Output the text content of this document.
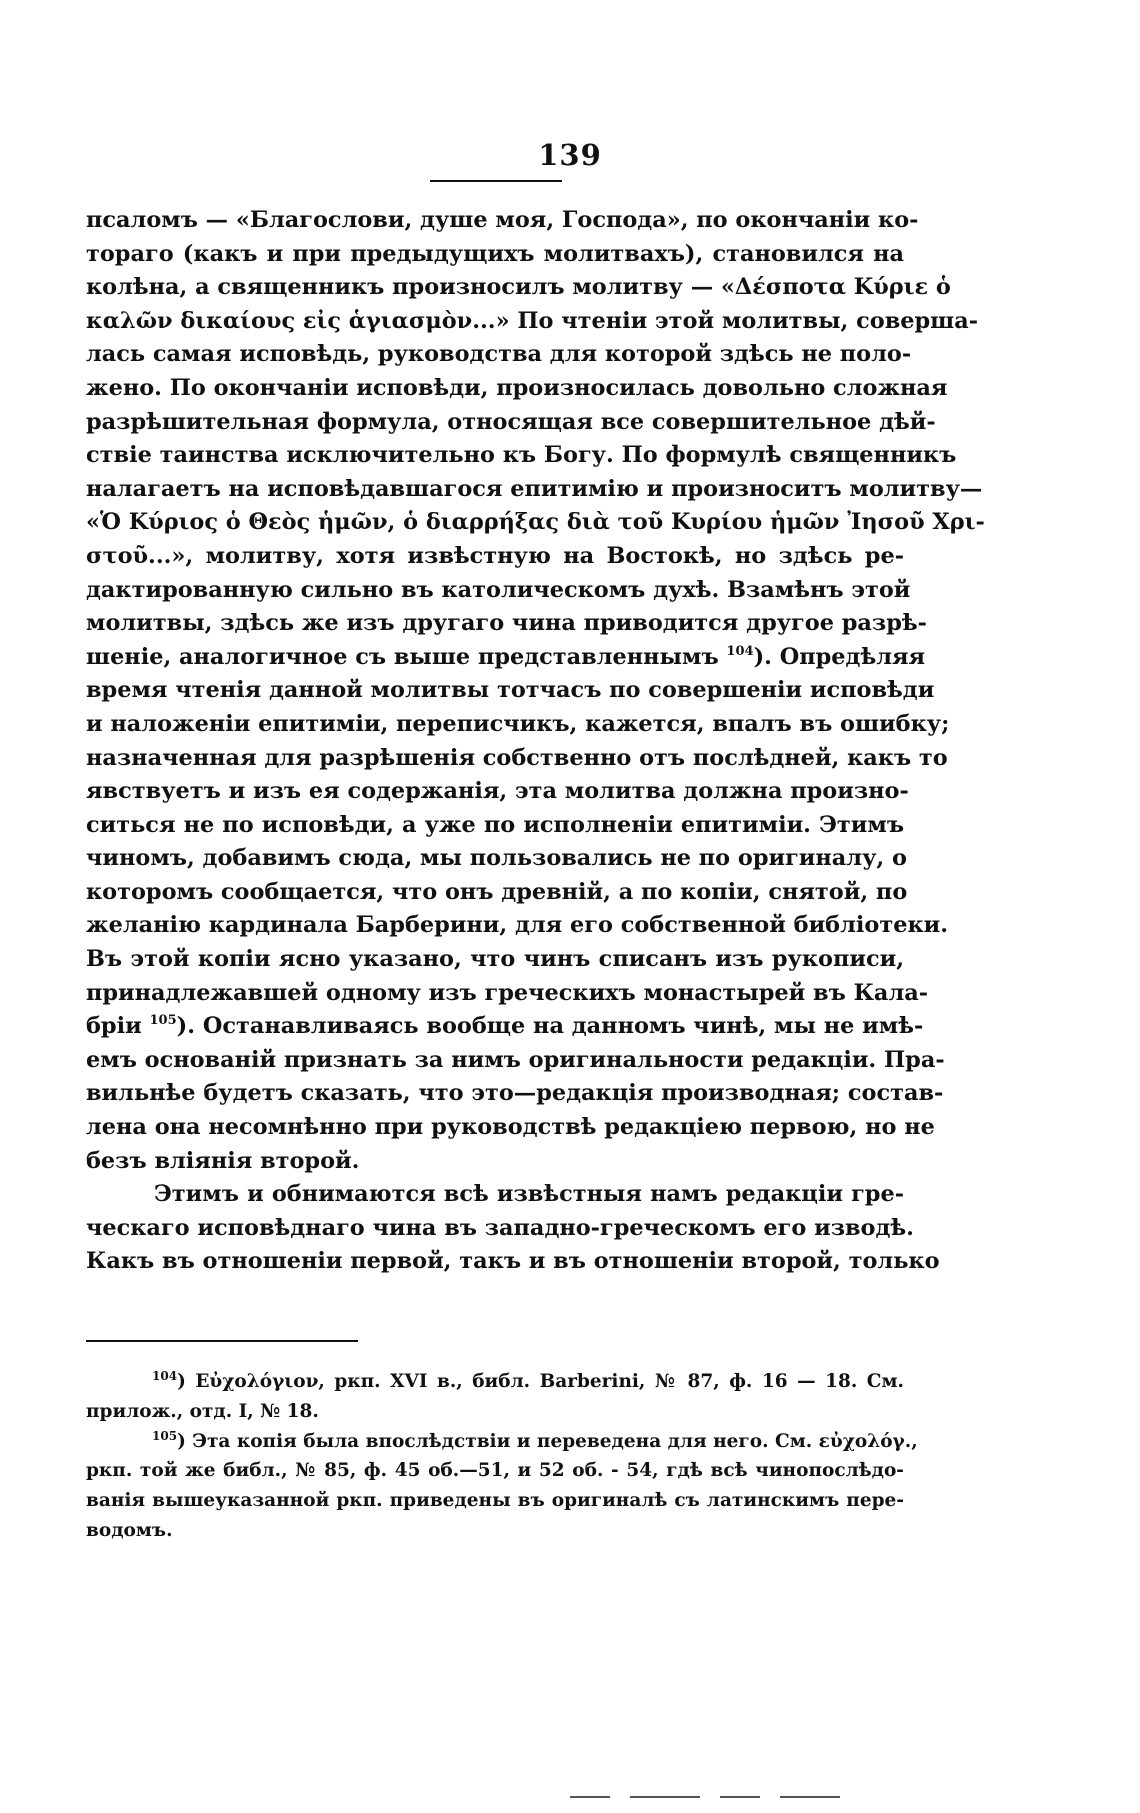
139
псаломъ — «Благослови, душе моя, Господа», по окончаніи ко-
тораго (какъ и при предыдущихъ молитвахъ), становился на
колѣна, а священникъ произносилъ молитву — «Δέσποτα Κύριε ὁ
καλῶν δικαίους εἰς ἁγιασμὸν...» По чтеніи этой молитвы, соверша-
лась самая исповѣдь, руководства для которой здѣсь не поло-
жено. По окончаніи исповѣди, произносилась довольно сложная
разрѣшительная формула, относящая все совершительное дѣй-
ствіе таинства исключительно къ Богу. По формулѣ священникъ
налагаетъ на исповѣдавшагося епитимію и произноситъ молитву—
«Ὁ Κύριος ὁ Θεὸς ἡμῶν, ὁ διαρρήξας διὰ τοῦ Κυρίου ἡμῶν Ἰησοῦ Χρι-
στοῦ...», молитву, хотя извѣстную на Востокѣ, но здѣсь ре-
дактированную сильно въ католическомъ духѣ. Взамѣнъ этой
молитвы, здѣсь же изъ другаго чина приводится другое разрѣ-
шеніе, аналогичное съ выше представленнымъ $^{104}$). Опредѣляя
время чтенія данной молитвы тотчасъ по совершеніи исповѣди
и наложеніи епитиміи, переписчикъ, кажется, впалъ въ ошибку;
назначенная для разрѣшенія собственно отъ послѣдней, какъ то
явствуетъ и изъ ея содержанія, эта молитва должна произно-
ситься не по исповѣди, а уже по исполненіи епитиміи. Этимъ
чиномъ, добавимъ сюда, мы пользовались не по оригиналу, о
которомъ сообщается, что онъ древній, а по копіи, снятой, по
желанію кардинала Барберини, для его собственной библіотеки.
Въ этой копіи ясно указано, что чинъ списанъ изъ рукописи,
принадлежавшей одному изъ греческихъ монастырей въ Кала-
бріи $^{105}$). Останавливаясь вообще на данномъ чинѣ, мы не имѣ-
емъ основаній признать за нимъ оригинальности редакціи. Пра-
вильнѣе будетъ сказать, что это—редакція производная; состав-
лена она несомнѣнно при руководствѣ редакціею первою, но не
безъ вліянія второй.
Этимъ и обнимаются всѣ извѣстныя намъ редакціи гре-
ческаго исповѣднаго чина въ западно-греческомъ его изводѣ.
Какъ въ отношеніи первой, такъ и въ отношеніи второй, только
$^{104}$) Εὐχολόγιον, ркп. XVI в., библ. Barberini, № 87, ф. 16 — 18. См.
прилож., отд. I, № 18.
$^{105}$) Эта копія была впослѣдствіи и переведена для него. См. εὐχολόγ.,
ркп. той же библ., № 85, ф. 45 об.—51, и 52 об. - 54, гдѣ всѣ чинопослѣдо-
ванія вышеуказанной ркп. приведены въ оригиналѣ съ латинскимъ пере-
водомъ.
